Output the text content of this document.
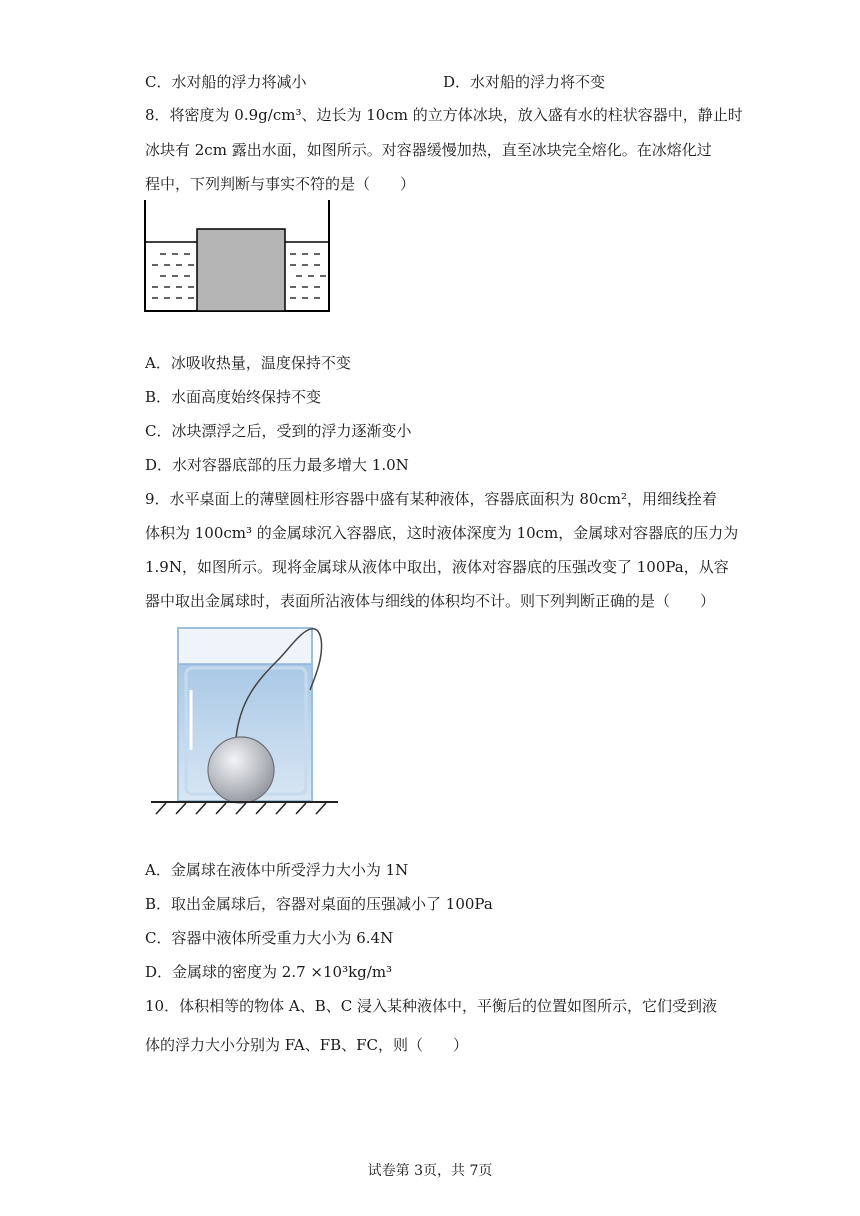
C．水对船的浮力将减小	D．水对船的浮力将不变
8．将密度为 0.9g/cm³、边长为 10cm 的立方体冰块，放入盛有水的柱状容器中，静止时
冰块有 2cm 露出水面，如图所示。对容器缓慢加热，直至冰块完全熔化。在冰熔化过
程中，下列判断与事实不符的是（　　）
A．冰吸收热量，温度保持不变
B．水面高度始终保持不变
C．冰块漂浮之后，受到的浮力逐渐变小
D．水对容器底部的压力最多增大 1.0N
9．水平桌面上的薄壁圆柱形容器中盛有某种液体，容器底面积为 80cm²，用细线拴着
体积为 100cm³ 的金属球沉入容器底，这时液体深度为 10cm，金属球对容器底的压力为
1.9N，如图所示。现将金属球从液体中取出，液体对容器底的压强改变了 100Pa，从容
器中取出金属球时，表面所沾液体与细线的体积均不计。则下列判断正确的是（　　）
A．金属球在液体中所受浮力大小为 1N
B．取出金属球后，容器对桌面的压强减小了 100Pa
C．容器中液体所受重力大小为 6.4N
D．金属球的密度为 2.7 ×10³kg/m³
10．体积相等的物体 A、B、C 浸入某种液体中，平衡后的位置如图所示，它们受到液
体的浮力大小分别为 FA、FB、FC，则（　　）
试卷第 3页，共 7页
